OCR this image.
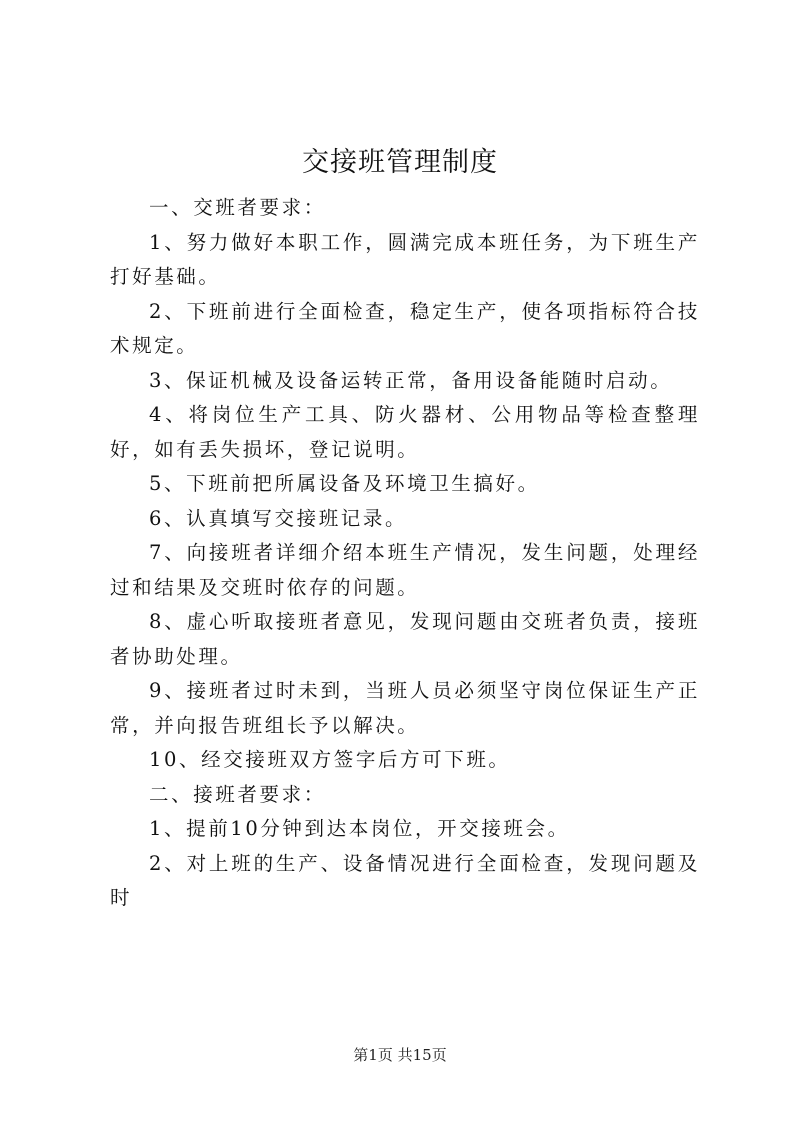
交接班管理制度

一、交班者要求：

1、努力做好本职工作，圆满完成本班任务，为下班生产打好基础。

2、下班前进行全面检查，稳定生产，使各项指标符合技术规定。

3、保证机械及设备运转正常，备用设备能随时启动。

4、将岗位生产工具、防火器材、公用物品等检查整理好，如有丢失损坏，登记说明。

5、下班前把所属设备及环境卫生搞好。

6、认真填写交接班记录。

7、向接班者详细介绍本班生产情况，发生问题，处理经过和结果及交班时依存的问题。

8、虚心听取接班者意见，发现问题由交班者负责，接班者协助处理。

9、接班者过时未到，当班人员必须坚守岗位保证生产正常，并向报告班组长予以解决。

10、经交接班双方签字后方可下班。

二、接班者要求：

1、提前10分钟到达本岗位，开交接班会。

2、对上班的生产、设备情况进行全面检查，发现问题及时

第1页 共15页
